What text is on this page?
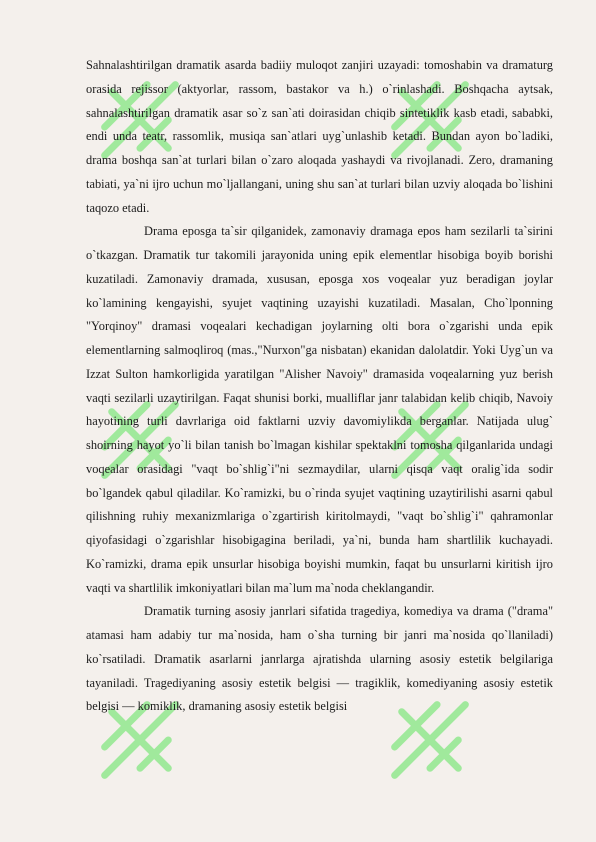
Sahnalashtirilgan dramatik asarda badiiy muloqot zanjiri uzayadi: tomoshabin va dramaturg orasida rejissor (aktyorlar, rassom, bastakor va h.) o`rinlashadi. Boshqacha aytsak, sahnalashtirilgan dramatik asar so`z san`ati doirasidan chiqib sintetiklik kasb etadi, sababki, endi unda teatr, rassomlik, musiqa san`atlari uyg`unlashib ketadi. Bundan ayon bo`ladiki, drama boshqa san`at turlari bilan o`zaro aloqada yashaydi va rivojlanadi. Zero, dramaning tabiati, ya`ni ijro uchun mo`ljallangani, uning shu san`at turlari bilan uzviy aloqada bo`lishini taqozo etadi.

Drama eposga ta`sir qilganidek, zamonaviy dramaga epos ham sezilarli ta`sirini o`tkazgan. Dramatik tur takomili jarayonida uning epik elementlar hisobiga boyib borishi kuzatiladi. Zamonaviy dramada, xususan, eposga xos voqealar yuz beradigan joylar ko`lamining kengayishi, syujet vaqtining uzayishi kuzatiladi. Masalan, Cho`lponning "Yorqinoy" dramasi voqealari kechadigan joylarning olti bora o`zgarishi unda epik elementlarning salmoqliroq (mas.,"Nurxon"ga nisbatan) ekanidan dalolatdir. Yoki Uyg`un va Izzat Sulton hamkorligida yaratilgan "Alisher Navoiy" dramasida voqealarning yuz berish vaqti sezilarli uzaytirilgan. Faqat shunisi borki, mualliflar janr talabidan kelib chiqib, Navoiy hayotining turli davrlariga oid faktlarni uzviy davomiylikda berganlar. Natijada ulug` shoirning hayot yo`li bilan tanish bo`lmagan kishilar spektaklni tomosha qilganlarida undagi voqealar orasidagi "vaqt bo`shlig`i"ni sezmaydilar, ularni qisqa vaqt oralig`ida sodir bo`lgandek qabul qiladilar. Ko`ramizki, bu o`rinda syujet vaqtining uzaytirilishi asarni qabul qilishning ruhiy mexanizmlariga o`zgartirish kiritolmaydi, "vaqt bo`shlig`i" qahramonlar qiyofasidagi o`zgarishlar hisobigagina beriladi, ya`ni, bunda ham shartlilik kuchayadi. Ko`ramizki, drama epik unsurlar hisobiga boyishi mumkin, faqat bu unsurlarni kiritish ijro vaqti va shartlilik imkoniyatlari bilan ma`lum ma`noda cheklangandir.

Dramatik turning asosiy janrlari sifatida tragediya, komediya va drama ("drama" atamasi ham adabiy tur ma`nosida, ham o`sha turning bir janri ma`nosida qo`llaniladi) ko`rsatiladi. Dramatik asarlarni janrlarga ajratishda ularning asosiy estetik belgilariga tayaniladi. Tragediyaning asosiy estetik belgisi — tragiklik, komediyaning asosiy estetik belgisi — komiklik, dramaning asosiy estetik belgisi
